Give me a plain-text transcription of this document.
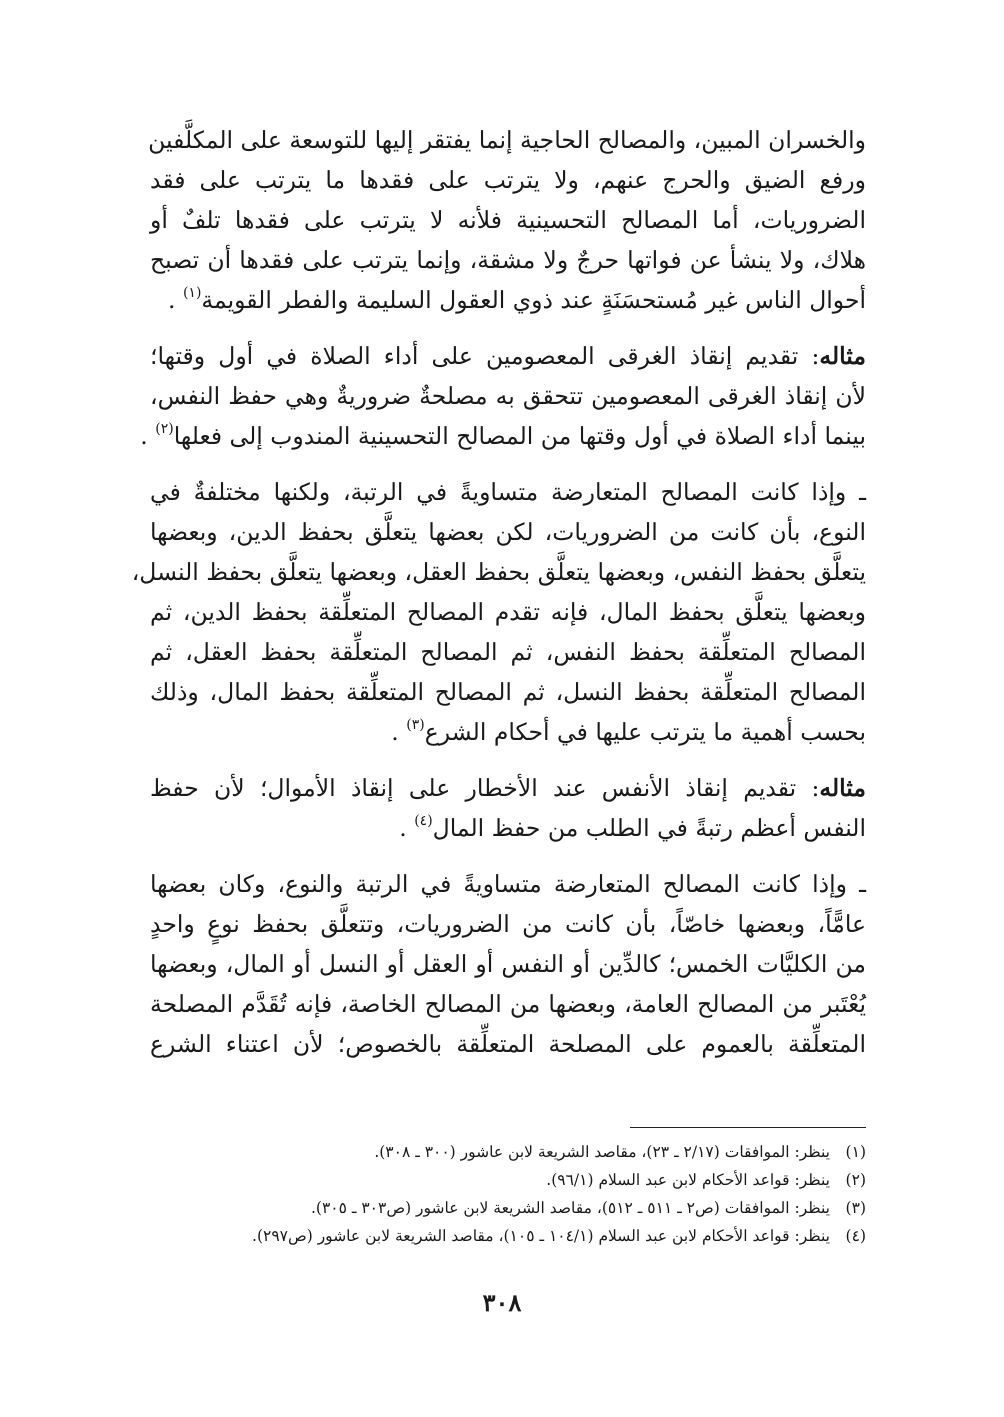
والخسران المبين، والمصالح الحاجية إنما يفتقر إليها للتوسعة على المكلَّفين
ورفع الضيق والحرج عنهم، ولا يترتب على فقدها ما يترتب على فقد
الضروريات، أما المصالح التحسينية فلأنه لا يترتب على فقدها تلفٌ أو
هلاك، ولا ينشأ عن فواتها حرجٌ ولا مشقة، وإنما يترتب على فقدها أن تصبح
أحوال الناس غير مُستحسَنَةٍ عند ذوي العقول السليمة والفطر القويمة$^{(١)}$ .
مثاله: تقديم إنقاذ الغرقى المعصومين على أداء الصلاة في أول وقتها؛
لأن إنقاذ الغرقى المعصومين تتحقق به مصلحةٌ ضروريةٌ وهي حفظ النفس،
بينما أداء الصلاة في أول وقتها من المصالح التحسينية المندوب إلى فعلها$^{(٢)}$ .
ـ وإذا كانت المصالح المتعارضة متساويةً في الرتبة، ولكنها مختلفةٌ في
النوع، بأن كانت من الضروريات، لكن بعضها يتعلَّق بحفظ الدين، وبعضها
يتعلَّق بحفظ النفس، وبعضها يتعلَّق بحفظ العقل، وبعضها يتعلَّق بحفظ النسل،
وبعضها يتعلَّق بحفظ المال، فإنه تقدم المصالح المتعلِّقة بحفظ الدين، ثم
المصالح المتعلِّقة بحفظ النفس، ثم المصالح المتعلِّقة بحفظ العقل، ثم
المصالح المتعلِّقة بحفظ النسل، ثم المصالح المتعلِّقة بحفظ المال، وذلك
بحسب أهمية ما يترتب عليها في أحكام الشرع$^{(٣)}$ .
مثاله: تقديم إنقاذ الأنفس عند الأخطار على إنقاذ الأموال؛ لأن حفظ
النفس أعظم رتبةً في الطلب من حفظ المال$^{(٤)}$ .
ـ وإذا كانت المصالح المتعارضة متساويةً في الرتبة والنوع، وكان بعضها
عامًّاً، وبعضها خاصّاً، بأن كانت من الضروريات، وتتعلَّق بحفظ نوعٍ واحدٍ
من الكليَّات الخمس؛ كالدِّين أو النفس أو العقل أو النسل أو المال، وبعضها
يُعْتَبر من المصالح العامة، وبعضها من المصالح الخاصة، فإنه تُقَدَّم المصلحة
المتعلِّقة بالعموم على المصلحة المتعلِّقة بالخصوص؛ لأن اعتناء الشرع
(١)
ينظر: الموافقات (٢/١٧ ـ ٢٣)، مقاصد الشريعة لابن عاشور (٣٠٠ ـ ٣٠٨).
(٢)
ينظر: قواعد الأحكام لابن عبد السلام (٩٦/١).
(٣)
ينظر: الموافقات (ص٢ ـ ٥١١ ـ ٥١٢)، مقاصد الشريعة لابن عاشور (ص٣٠٣ ـ ٣٠٥).
(٤)
ينظر: قواعد الأحكام لابن عبد السلام (١٠٤/١ ـ ١٠٥)، مقاصد الشريعة لابن عاشور (ص٢٩٧).
٣٠٨
